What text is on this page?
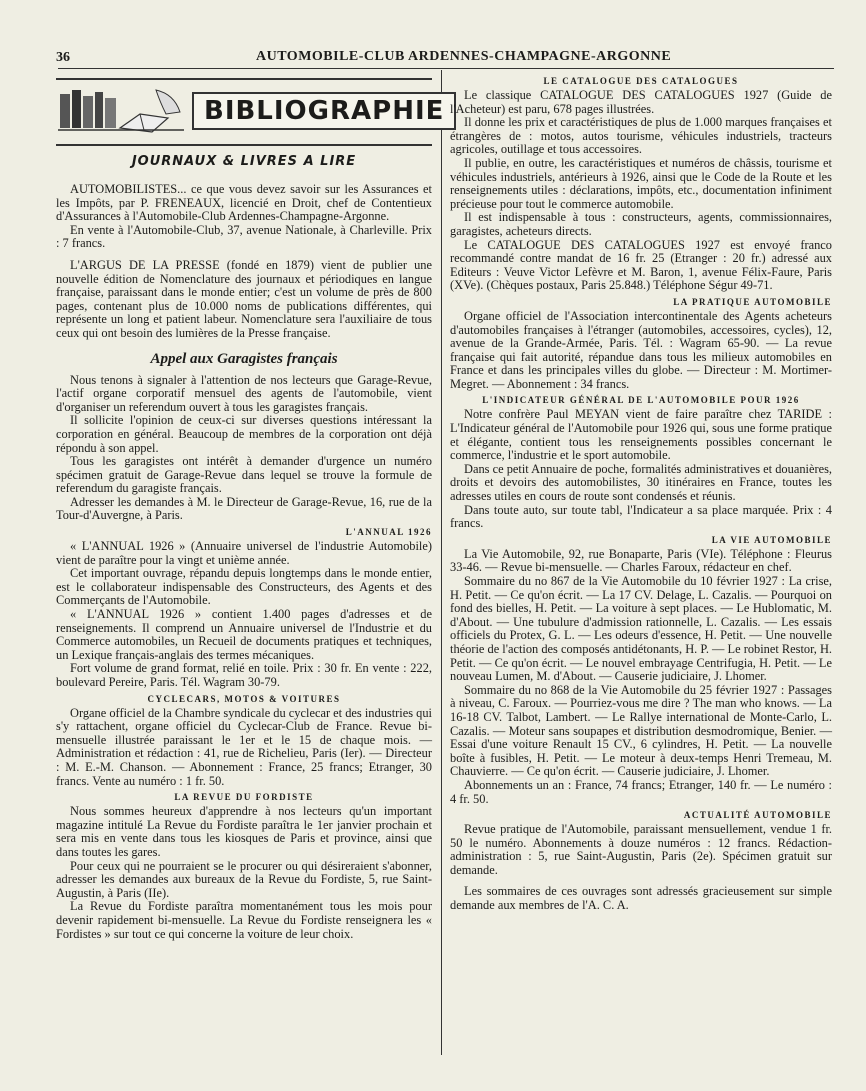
36	AUTOMOBILE-CLUB ARDENNES-CHAMPAGNE-ARGONNE
BIBLIOGRAPHIE
JOURNAUX & LIVRES A LIRE

AUTOMOBILISTES... ce que vous devez savoir sur les Assurances et les Impôts, par P. FRENEAUX, licencié en Droit, chef de Contentieux d'Assurances à l'Automobile-Club Ardennes-Champagne-Argonne.

En vente à l'Automobile-Club, 37, avenue Nationale, à Charleville. Prix : 7 francs.

L'ARGUS DE LA PRESSE (fondé en 1879) vient de publier une nouvelle édition de Nomenclature des journaux et périodiques en langue française, paraissant dans le monde entier; c'est un volume de près de 800 pages, contenant plus de 10.000 noms de publications différentes, qui représente un long et patient labeur. Nomenclature sera l'auxiliaire de tous ceux qui ont besoin des lumières de la Presse française.

Appel aux Garagistes français

Nous tenons à signaler à l'attention de nos lecteurs que Garage-Revue, l'actif organe corporatif mensuel des agents de l'automobile, vient d'organiser un referendum ouvert à tous les garagistes français.

Il sollicite l'opinion de ceux-ci sur diverses questions intéressant la corporation en général. Beaucoup de membres de la corporation ont déjà répondu à son appel.

Tous les garagistes ont intérêt à demander d'urgence un numéro spécimen gratuit de Garage-Revue dans lequel se trouve la formule de referendum du garagiste français.

Adresser les demandes à M. le Directeur de Garage-Revue, 16, rue de la Tour-d'Auvergne, à Paris.

L'ANNUAL 1926

« L'ANNUAL 1926 » (Annuaire universel de l'industrie Automobile) vient de paraître pour la vingt et unième année.

Cet important ouvrage, répandu depuis longtemps dans le monde entier, est le collaborateur indispensable des Constructeurs, des Agents et des Commerçants de l'Automobile.

« L'ANNUAL 1926 » contient 1.400 pages d'adresses et de renseignements. Il comprend un Annuaire universel de l'Industrie et du Commerce automobiles, un Recueil de documents pratiques et techniques, un Lexique français-anglais des termes mécaniques.

Fort volume de grand format, relié en toile. Prix : 30 fr. En vente : 222, boulevard Pereire, Paris. Tél. Wagram 30-79.

CYCLECARS, MOTOS & VOITURES

Organe officiel de la Chambre syndicale du cyclecar et des industries qui s'y rattachent, organe officiel du Cyclecar-Club de France. Revue bi-mensuelle illustrée paraissant le 1er et le 15 de chaque mois. — Administration et rédaction : 41, rue de Richelieu, Paris (Ier). — Directeur : M. E.-M. Chanson. — Abonnement : France, 25 francs; Etranger, 30 francs. Vente au numéro : 1 fr. 50.

LA REVUE DU FORDISTE

Nous sommes heureux d'apprendre à nos lecteurs qu'un important magazine intitulé La Revue du Fordiste paraîtra le 1er janvier prochain et sera mis en vente dans tous les kiosques de Paris et province, ainsi que dans toutes les gares.

Pour ceux qui ne pourraient se le procurer ou qui désireraient s'abonner, adresser les demandes aux bureaux de la Revue du Fordiste, 5, rue Saint-Augustin, à Paris (IIe).

La Revue du Fordiste paraîtra momentanément tous les mois pour devenir rapidement bi-mensuelle. La Revue du Fordiste renseignera les « Fordistes » sur tout ce qui concerne la voiture de leur choix.

LE CATALOGUE DES CATALOGUES

Le classique CATALOGUE DES CATALOGUES 1927 (Guide de l'Acheteur) est paru, 678 pages illustrées.

Il donne les prix et caractéristiques de plus de 1.000 marques françaises et étrangères de : motos, autos tourisme, véhicules industriels, tracteurs agricoles, outillage et tous accessoires.

Il publie, en outre, les caractéristiques et numéros de châssis, tourisme et véhicules industriels, antérieurs à 1926, ainsi que le Code de la Route et les renseignements utiles : déclarations, impôts, etc., documentation infiniment précieuse pour tout le commerce automobile.

Il est indispensable à tous : constructeurs, agents, commissionnaires, garagistes, acheteurs directs.

Le CATALOGUE DES CATALOGUES 1927 est envoyé franco recommandé contre mandat de 16 fr. 25 (Etranger : 20 fr.) adressé aux Editeurs : Veuve Victor Lefèvre et M. Baron, 1, avenue Félix-Faure, Paris (XVe). (Chèques postaux, Paris 25.848.) Téléphone Ségur 49-71.

LA PRATIQUE AUTOMOBILE

Organe officiel de l'Association intercontinentale des Agents acheteurs d'automobiles françaises à l'étranger (automobiles, accessoires, cycles), 12, avenue de la Grande-Armée, Paris. Tél. : Wagram 65-90. — La revue française qui fait autorité, répandue dans tous les milieux automobiles en France et dans les principales villes du globe. — Directeur : M. Mortimer-Megret. — Abonnement : 34 francs.

L'INDICATEUR GÉNÉRAL DE L'AUTOMOBILE POUR 1926

Notre confrère Paul MEYAN vient de faire paraître chez TARIDE : L'Indicateur général de l'Automobile pour 1926 qui, sous une forme pratique et élégante, contient tous les renseignements possibles concernant le commerce, l'industrie et le sport automobile.

Dans ce petit Annuaire de poche, formalités administratives et douanières, droits et devoirs des automobilistes, 30 itinéraires en France, toutes les adresses utiles en cours de route sont condensés et réunis.

Dans toute auto, sur toute tabl, l'Indicateur a sa place marquée. Prix : 4 francs.

LA VIE AUTOMOBILE

La Vie Automobile, 92, rue Bonaparte, Paris (VIe). Téléphone : Fleurus 33-46. — Revue bi-mensuelle. — Charles Faroux, rédacteur en chef.

Sommaire du no 867 de la Vie Automobile du 10 février 1927 : La crise, H. Petit. — Ce qu'on écrit. — La 17 CV. Delage, L. Cazalis. — Pourquoi on fond des bielles, H. Petit. — La voiture à sept places. — Le Hublomatic, M. d'About. — Une tubulure d'admission rationnelle, L. Cazalis. — Les essais officiels du Protex, G. L. — Les odeurs d'essence, H. Petit. — Une nouvelle théorie de l'action des composés antidétonants, H. P. — Le robinet Restor, H. Petit. — Ce qu'on écrit. — Le nouvel embrayage Centrifugia, H. Petit. — Le nouveau Lumen, M. d'About. — Causerie judiciaire, J. Lhomer.

Sommaire du no 868 de la Vie Automobile du 25 février 1927 : Passages à niveau, C. Faroux. — Pourriez-vous me dire ? The man who knows. — La 16-18 CV. Talbot, Lambert. — Le Rallye international de Monte-Carlo, L. Cazalis. — Moteur sans soupapes et distribution desmodromique, Benier. — Essai d'une voiture Renault 15 CV., 6 cylindres, H. Petit. — La nouvelle boîte à fusibles, H. Petit. — Le moteur à deux-temps Henri Tremeau, M. Chauvierre. — Ce qu'on écrit. — Causerie judiciaire, J. Lhomer.

Abonnements un an : France, 74 francs; Etranger, 140 fr. — Le numéro : 4 fr. 50.

ACTUALITÉ AUTOMOBILE

Revue pratique de l'Automobile, paraissant mensuellement, vendue 1 fr. 50 le numéro. Abonnements à douze numéros : 12 francs. Rédaction-administration : 5, rue Saint-Augustin, Paris (2e). Spécimen gratuit sur demande.

Les sommaires de ces ouvrages sont adressés gracieusement sur simple demande aux membres de l'A. C. A.
